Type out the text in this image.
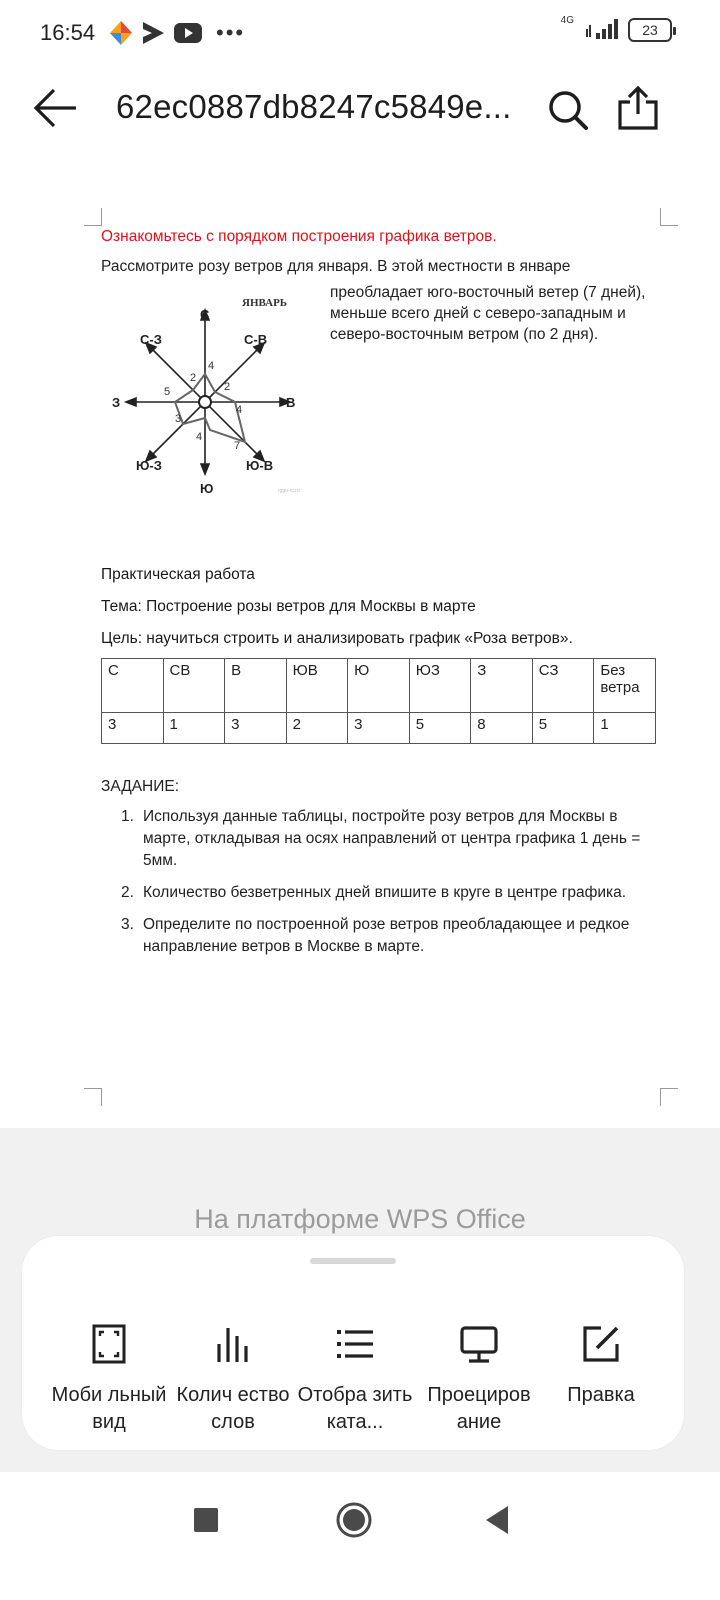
16:54	•••	4G
23
62ec0887db8247c5849e...
Ознакомьтесь с порядком построения графика ветров.
Рассмотрите розу ветров для января. В этой местности в январе
преобладает юго-восточный ветер (7 дней), меньше всего дней с северо-западным и северо-восточным ветром (по 2 дня).
С
С-В
В
Ю-В
Ю
Ю-З
З
С-З
ЯНВАРЬ
4
2
2
5
4
3
4
7
rggu-rc.ru
Практическая работа
Тема: Построение розы ветров для Москвы в марте
Цель: научиться строить и анализировать график «Роза ветров».
С	СВ	В	ЮВ	Ю	ЮЗ	З	СЗ	Без ветра
3	1	3	2	3	5	8	5	1
ЗАДАНИЕ:
1. Используя данные таблицы, постройте розу ветров для Москвы в марте, откладывая на осях направлений от центра графика 1 день = 5мм.
2. Количество безветренных дней впишите в круге в центре графика.
3. Определите по построенной розе ветров преобладающее и редкое направление ветров в Москве в марте.
На платформе WPS Office
Моби льный вид
Колич ество слов
Отобра зить ката...
Проециров ание
Правка
